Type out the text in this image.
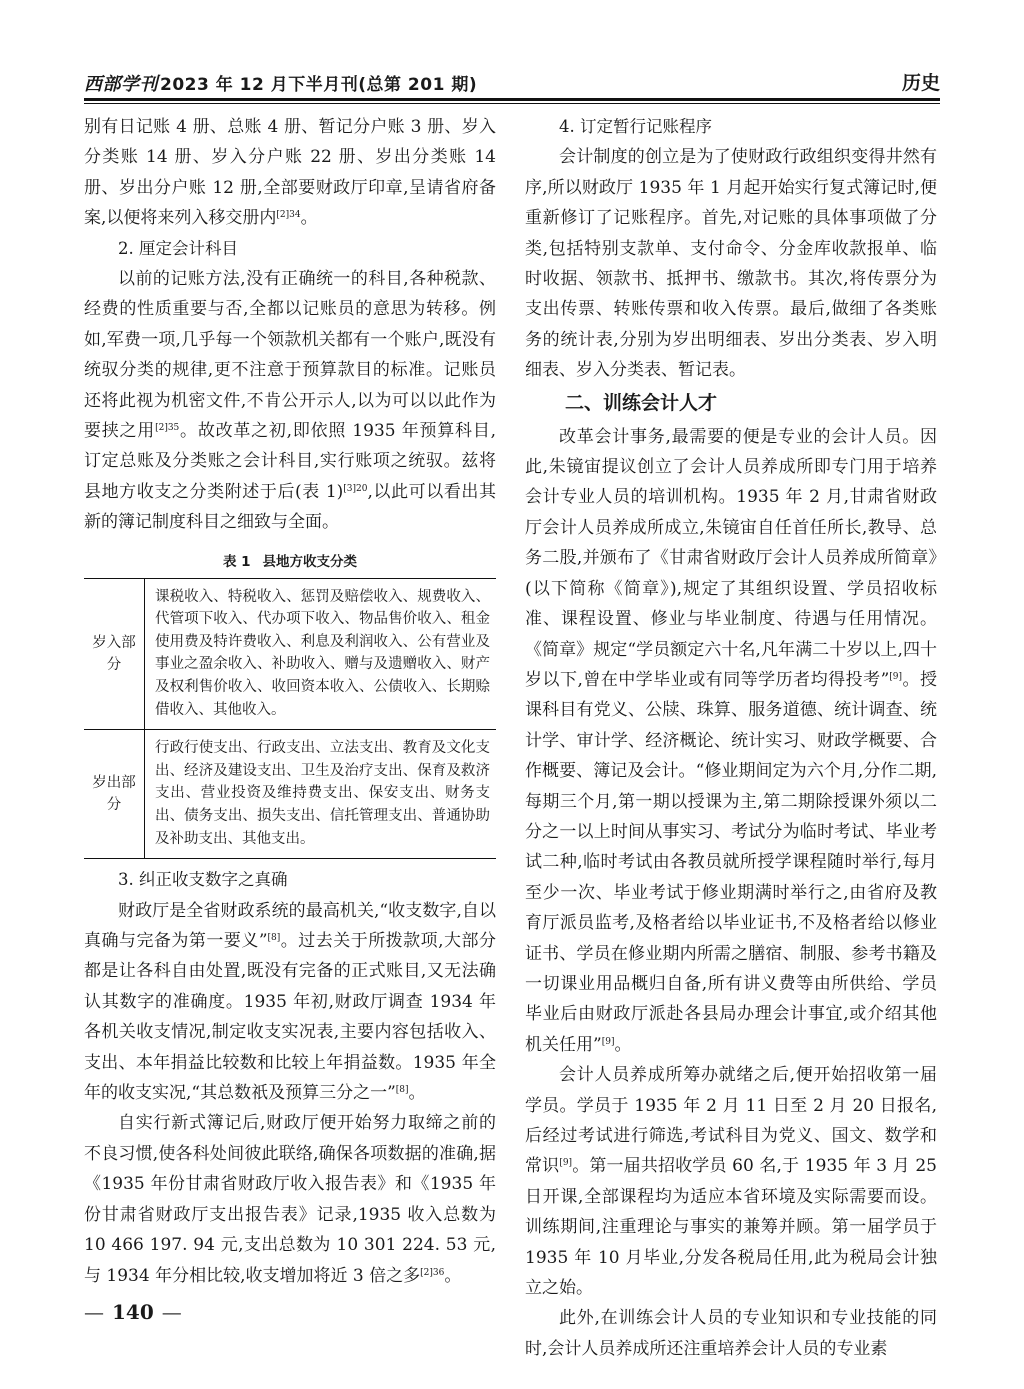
西部学刊 2023 年 12 月下半月刊(总第 201 期)	历史

别有日记账 4 册、总账 4 册、暂记分户账 3 册、岁入分类账 14 册、岁入分户账 22 册、岁出分类账 14 册、岁出分户账 12 册,全部要财政厅印章,呈请省府备案,以便将来列入移交册内$^{[2]34}$。

2. 厘定会计科目

以前的记账方法,没有正确统一的科目,各种税款、经费的性质重要与否,全都以记账员的意思为转移。例如,军费一项,几乎每一个领款机关都有一个账户,既没有统驭分类的规律,更不注意于预算款目的标准。记账员还将此视为机密文件,不肯公开示人,以为可以以此作为要挟之用$^{[2]35}$。故改革之初,即依照 1935 年预算科目,订定总账及分类账之会计科目,实行账项之统驭。兹将县地方收支之分类附述于后(表 1)$^{[3]20}$,以此可以看出其新的簿记制度科目之细致与全面。

表 1 县地方收支分类
岁入部分	课税收入、特税收入、惩罚及赔偿收入、规费收入、代管项下收入、代办项下收入、物品售价收入、租金使用费及特许费收入、利息及利润收入、公有营业及事业之盈余收入、补助收入、赠与及遗赠收入、财产及权利售价收入、收回资本收入、公债收入、长期赊借收入、其他收入。
岁出部分	行政行使支出、行政支出、立法支出、教育及文化支出、经济及建设支出、卫生及治疗支出、保育及救济支出、营业投资及维持费支出、保安支出、财务支出、债务支出、损失支出、信托管理支出、普通协助及补助支出、其他支出。

3. 纠正收支数字之真确

财政厅是全省财政系统的最高机关,“收支数字,自以真确与完备为第一要义”[8]。过去关于所拨款项,大部分都是让各科自由处置,既没有完备的正式账目,又无法确认其数字的准确度。1935 年初,财政厅调查 1934 年各机关收支情况,制定收支实况表,主要内容包括收入、支出、本年捐益比较数和比较上年捐益数。1935 年全年的收支实况,“其总数祇及预算三分之一”[8]。

自实行新式簿记后,财政厅便开始努力取缔之前的不良习惯,使各科处间彼此联络,确保各项数据的准确,据《1935 年份甘肃省财政厅收入报告表》和《1935 年份甘肃省财政厅支出报告表》记录,1935 收入总数为 10 466 197. 94 元,支出总数为 10 301 224. 53 元,与 1934 年分相比较,收支增加将近 3 倍之多$^{[2]36}$。

4. 订定暂行记账程序

会计制度的创立是为了使财政行政组织变得井然有序,所以财政厅 1935 年 1 月起开始实行复式簿记时,便重新修订了记账程序。首先,对记账的具体事项做了分类,包括特别支款单、支付命令、分金库收款报单、临时收据、领款书、抵押书、缴款书。其次,将传票分为支出传票、转账传票和收入传票。最后,做细了各类账务的统计表,分别为岁出明细表、岁出分类表、岁入明细表、岁入分类表、暂记表。

二、训练会计人才

改革会计事务,最需要的便是专业的会计人员。因此,朱镜宙提议创立了会计人员养成所即专门用于培养会计专业人员的培训机构。1935 年 2 月,甘肃省财政厅会计人员养成所成立,朱镜宙自任首任所长,教导、总务二股,并颁布了《甘肃省财政厅会计人员养成所简章》(以下简称《简章》),规定了其组织设置、学员招收标准、课程设置、修业与毕业制度、待遇与任用情况。《简章》规定“学员额定六十名,凡年满二十岁以上,四十岁以下,曾在中学毕业或有同等学历者均得投考”[9]。授课科目有党义、公牍、珠算、服务道德、统计调查、统计学、审计学、经济概论、统计实习、财政学概要、合作概要、簿记及会计。“修业期间定为六个月,分作二期,每期三个月,第一期以授课为主,第二期除授课外须以二分之一以上时间从事实习、考试分为临时考试、毕业考试二种,临时考试由各教员就所授学课程随时举行,每月至少一次、毕业考试于修业期满时举行之,由省府及教育厅派员监考,及格者给以毕业证书,不及格者给以修业证书、学员在修业期内所需之膳宿、制服、参考书籍及一切课业用品概归自备,所有讲义费等由所供给、学员毕业后由财政厅派赴各县局办理会计事宜,或介绍其他机关任用”[9]。

会计人员养成所筹办就绪之后,便开始招收第一届学员。学员于 1935 年 2 月 11 日至 2 月 20 日报名,后经过考试进行筛选,考试科目为党义、国文、数学和常识[9]。第一届共招收学员 60 名,于 1935 年 3 月 25 日开课,全部课程均为适应本省环境及实际需要而设。训练期间,注重理论与事实的兼筹并顾。第一届学员于 1935 年 10 月毕业,分发各税局任用,此为税局会计独立之始。

此外,在训练会计人员的专业知识和专业技能的同时,会计人员养成所还注重培养会计人员的专业素

— 140 —
